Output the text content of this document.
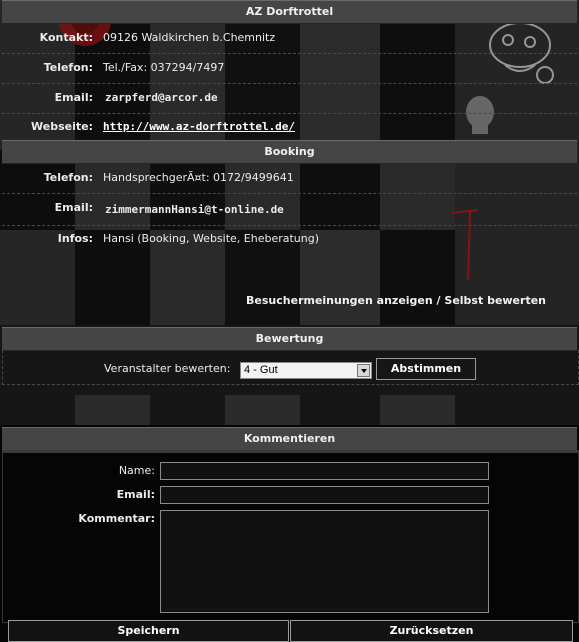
AZ Dorftrottel
Kontakt: 09126 Waldkirchen b.Chemnitz
Telefon: Tel./Fax: 037294/7497
Email: zarpferd@arcor.de
Webseite: http://www.az-dorftrottel.de/
Booking
Telefon: HandsprechgerÃ¤t: 0172/9499641
Email: zimmermannHansi@t-online.de
Infos: Hansi (Booking, Website, Eheberatung)
Besuchermeinungen anzeigen / Selbst bewerten
Bewertung
Veranstalter bewerten: 4 - Gut	Abstimmen
Kommentieren
Name:
Email:
Kommentar:
Speichern	Zurücksetzen
